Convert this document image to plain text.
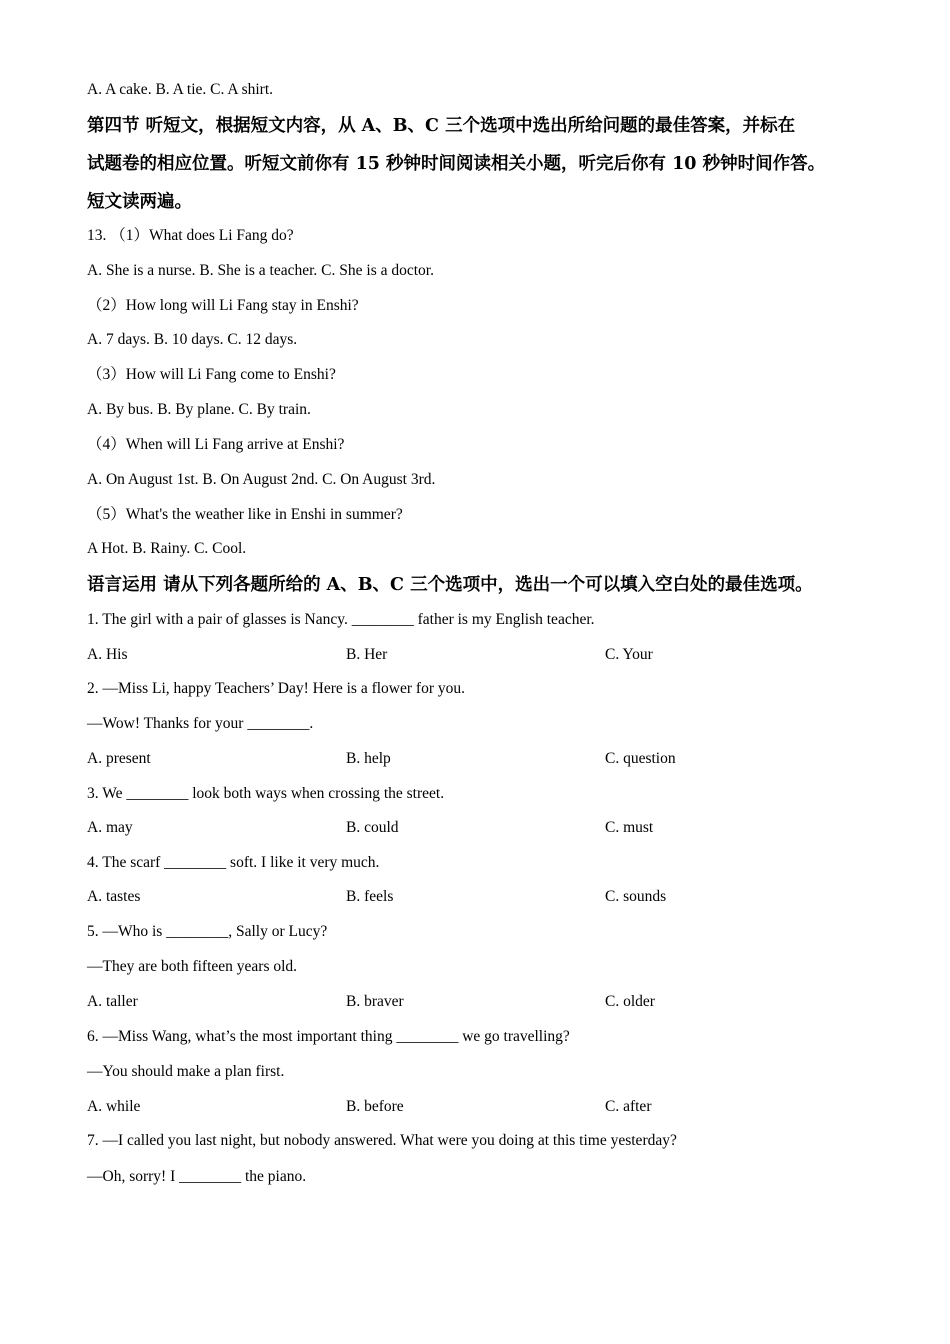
A. A cake. B. A tie. C. A shirt.
第四节 听短文，根据短文内容，从 A、B、C 三个选项中选出所给问题的最佳答案，并标在
试题卷的相应位置。听短文前你有 15 秒钟时间阅读相关小题，听完后你有 10 秒钟时间作答。
短文读两遍。
13. （1）What does Li Fang do?
A. She is a nurse. B. She is a teacher. C. She is a doctor.
（2）How long will Li Fang stay in Enshi?
A. 7 days. B. 10 days. C. 12 days.
（3）How will Li Fang come to Enshi?
A. By bus. B. By plane. C. By train.
（4）When will Li Fang arrive at Enshi?
A. On August 1st. B. On August 2nd. C. On August 3rd.
（5）What's the weather like in Enshi in summer?
A Hot. B. Rainy. C. Cool.
语言运用 请从下列各题所给的 A、B、C 三个选项中，选出一个可以填入空白处的最佳选项。
1. The girl with a pair of glasses is Nancy. ________ father is my English teacher.
A. His	B. Her	C. Your
2. —Miss Li, happy Teachers’ Day! Here is a flower for you.
—Wow! Thanks for your ________.
A. present	B. help	C. question
3. We ________ look both ways when crossing the street.
A. may	B. could	C. must
4. The scarf ________ soft. I like it very much.
A. tastes	B. feels	C. sounds
5. —Who is ________, Sally or Lucy?
—They are both fifteen years old.
A. taller	B. braver	C. older
6. —Miss Wang, what’s the most important thing ________ we go travelling?
—You should make a plan first.
A. while	B. before	C. after
7. —I called you last night, but nobody answered. What were you doing at this time yesterday?
—Oh, sorry! I ________ the piano.
